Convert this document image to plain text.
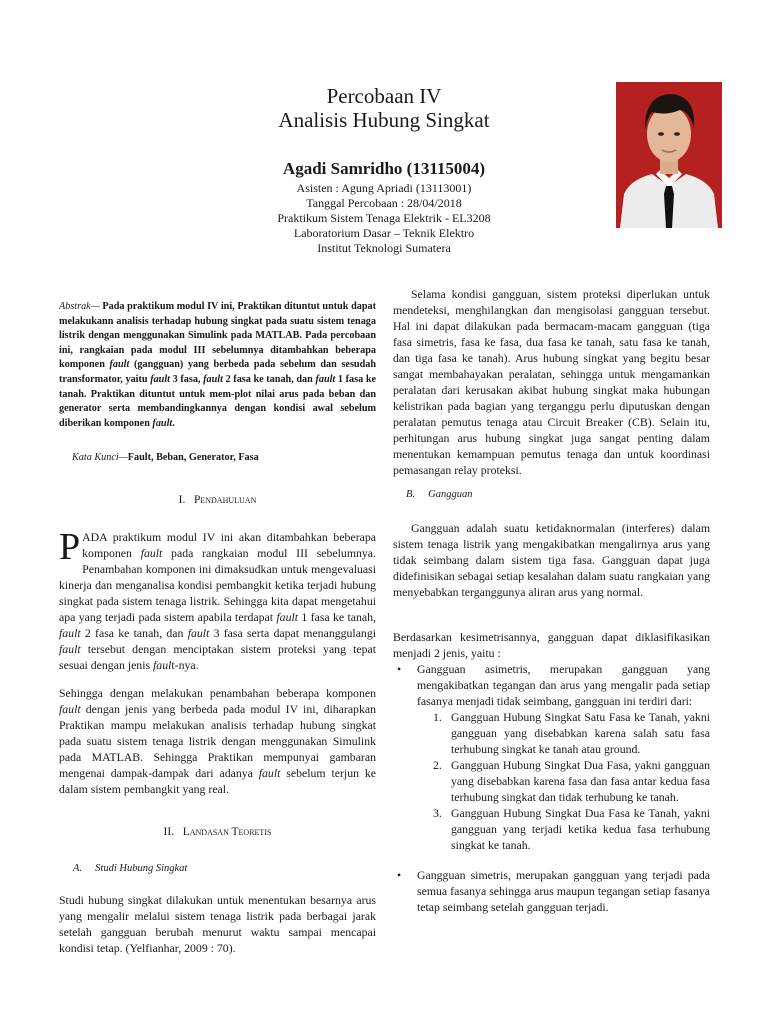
Percobaan IV
Analisis Hubung Singkat
Agadi Samridho (13115004)
Asisten : Agung Apriadi (13113001)
Tanggal Percobaan : 28/04/2018
Praktikum Sistem Tenaga Elektrik - EL3208
Laboratorium Dasar – Teknik Elektro
Institut Teknologi Sumatera
Abstrak— Pada praktikum modul IV ini, Praktikan dituntut untuk dapat melakukann analisis terhadap hubung singkat pada suatu sistem tenaga listrik dengan menggunakan Simulink pada MATLAB. Pada percobaan ini, rangkaian pada modul III sebelumnya ditambahkan beberapa komponen fault (gangguan) yang berbeda pada sebelum dan sesudah transformator, yaitu fault 3 fasa, fault 2 fasa ke tanah, dan fault 1 fasa ke tanah. Praktikan dituntut untuk mem-plot nilai arus pada beban dan generator serta membandingkannya dengan kondisi awal sebelum diberikan komponen fault.
Kata Kunci—Fault, Beban, Generator, Fasa
I. Pendahuluan

PADA praktikum modul IV ini akan ditambahkan beberapa komponen fault pada rangkaian modul III sebelumnya. Penambahan komponen ini dimaksudkan untuk mengevaluasi kinerja dan menganalisa kondisi pembangkit ketika terjadi hubung singkat pada sistem tenaga listrik. Sehingga kita dapat mengetahui apa yang terjadi pada sistem apabila terdapat fault 1 fasa ke tanah, fault 2 fasa ke tanah, dan fault 3 fasa serta dapat menanggulangi fault tersebut dengan menciptakan sistem proteksi yang tepat sesuai dengan jenis fault-nya.

Sehingga dengan melakukan penambahan beberapa komponen fault dengan jenis yang berbeda pada modul IV ini, diharapkan Praktikan mampu melakukan analisis terhadap hubung singkat pada suatu sistem tenaga listrik dengan menggunakan Simulink pada MATLAB. Sehingga Praktikan mempunyai gambaran mengenai dampak-dampak dari adanya fault sebelum terjun ke dalam sistem pembangkit yang real.

II. Landasan Teoretis
A. Studi Hubung Singkat

Studi hubung singkat dilakukan untuk menentukan besarnya arus yang mengalir melalui sistem tenaga listrik pada berbagai jarak setelah gangguan berubah menurut waktu sampai mencapai kondisi tetap. (Yelfianhar, 2009 : 70).

Selama kondisi gangguan, sistem proteksi diperlukan untuk mendeteksi, menghilangkan dan mengisolasi gangguan tersebut. Hal ini dapat dilakukan pada bermacam-macam gangguan (tiga fasa simetris, fasa ke fasa, dua fasa ke tanah, satu fasa ke tanah, dan tiga fasa ke tanah). Arus hubung singkat yang begitu besar sangat membahayakan peralatan, sehingga untuk mengamankan peralatan dari kerusakan akibat hubung singkat maka hubungan kelistrikan pada bagian yang terganggu perlu diputuskan dengan peralatan pemutus tenaga atau Circuit Breaker (CB). Selain itu, perhitungan arus hubung singkat juga sangat penting dalam menentukan kemampuan pemutus tenaga dan untuk koordinasi pemasangan relay proteksi.

B. Gangguan

Gangguan adalah suatu ketidaknormalan (interferes) dalam sistem tenaga listrik yang mengakibatkan mengalirnya arus yang tidak seimbang dalam sistem tiga fasa. Gangguan dapat juga didefinisikan sebagai setiap kesalahan dalam suatu rangkaian yang menyebabkan terganggunya aliran arus yang normal.

Berdasarkan kesimetrisannya, gangguan dapat diklasifikasikan menjadi 2 jenis, yaitu :

• Gangguan asimetris, merupakan gangguan yang mengakibatkan tegangan dan arus yang mengalir pada setiap fasanya menjadi tidak seimbang, gangguan ini terdiri dari:
1. Gangguan Hubung Singkat Satu Fasa ke Tanah, yakni gangguan yang disebabkan karena salah satu fasa terhubung singkat ke tanah atau ground.
2. Gangguan Hubung Singkat Dua Fasa, yakni gangguan yang disebabkan karena fasa dan fasa antar kedua fasa terhubung singkat dan tidak terhubung ke tanah.
3. Gangguan Hubung Singkat Dua Fasa ke Tanah, yakni gangguan yang terjadi ketika kedua fasa terhubung singkat ke tanah.
• Gangguan simetris, merupakan gangguan yang terjadi pada semua fasanya sehingga arus maupun tegangan setiap fasanya tetap seimbang setelah gangguan terjadi.
